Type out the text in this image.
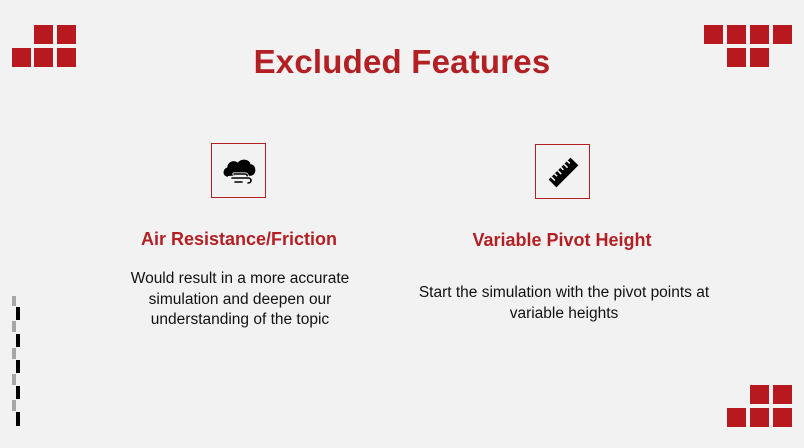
Excluded Features
Air Resistance/Friction

Would result in a more accurate simulation and deepen our understanding of the topic

Variable Pivot Height

Start the simulation with the pivot points at variable heights
